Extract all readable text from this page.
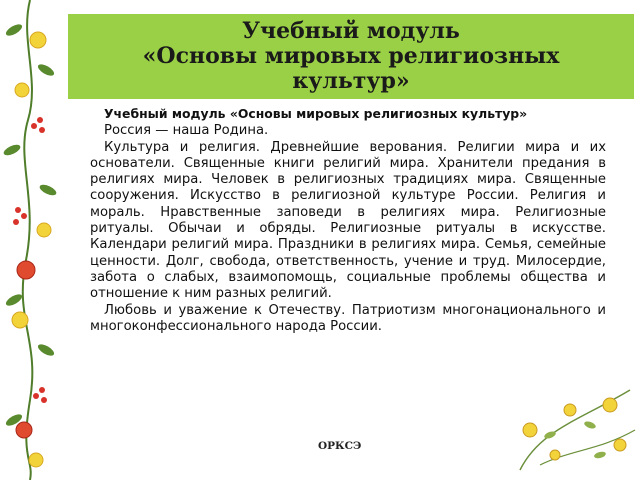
Учебный модуль
«Основы мировых религиозных
культур»

Учебный модуль «Основы мировых религиозных культур»

Россия — наша Родина.

Культура и религия. Древнейшие верования. Религии мира и их основатели. Священные книги религий мира. Хранители предания в религиях мира. Человек в религиозных традициях мира. Священные сооружения. Искусство в религиозной культуре России. Религия и мораль. Нравственные заповеди в религиях мира. Религиозные ритуалы. Обычаи и обряды. Религиозные ритуалы в искусстве. Календари религий мира. Праздники в религиях мира. Семья, семейные ценности. Долг, свобода, ответственность, учение и труд. Милосердие, забота о слабых, взаимопомощь, социальные проблемы общества и отношение к ним разных религий.

Любовь и уважение к Отечеству. Патриотизм многонационального и многоконфессионального народа России.

ОРКСЭ
